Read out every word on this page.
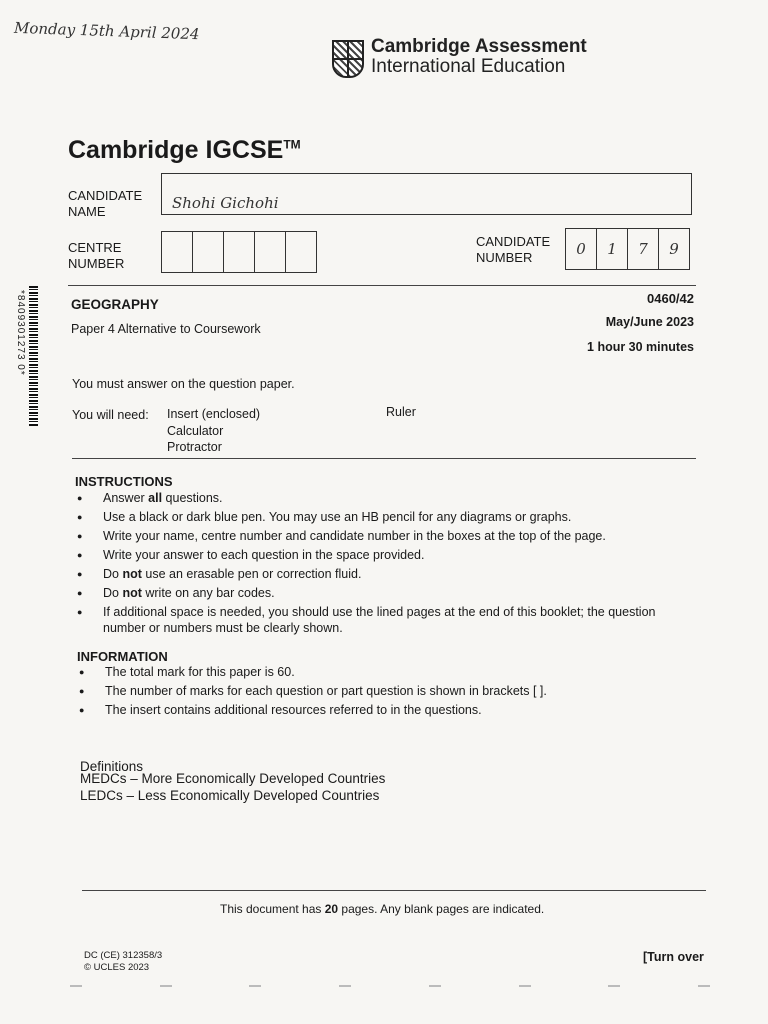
Monday 15th April 2024
Cambridge Assessment
International Education
Cambridge IGCSE™
CANDIDATE
NAME	Shohi Gichohi
CENTRE
NUMBER
CANDIDATE
NUMBER	0	1	7	9
*8409301273 0*	GEOGRAPHY	0460/42
Paper 4 Alternative to Coursework	May/June 2023
1 hour 30 minutes
You must answer on the question paper.
You will need: Insert (enclosed)
Calculator
Protractor
Ruler
INSTRUCTIONS
● Answer all questions.
● Use a black or dark blue pen. You may use an HB pencil for any diagrams or graphs.
● Write your name, centre number and candidate number in the boxes at the top of the page.
● Write your answer to each question in the space provided.
● Do not use an erasable pen or correction fluid.
● Do not write on any bar codes.
● If additional space is needed, you should use the lined pages at the end of this booklet; the question number or numbers must be clearly shown.
INFORMATION
● The total mark for this paper is 60.
● The number of marks for each question or part question is shown in brackets [ ].
● The insert contains additional resources referred to in the questions.
Definitions
MEDCs – More Economically Developed Countries
LEDCs – Less Economically Developed Countries
This document has 20 pages. Any blank pages are indicated.
DC (CE) 312358/3
© UCLES 2023
[Turn over
